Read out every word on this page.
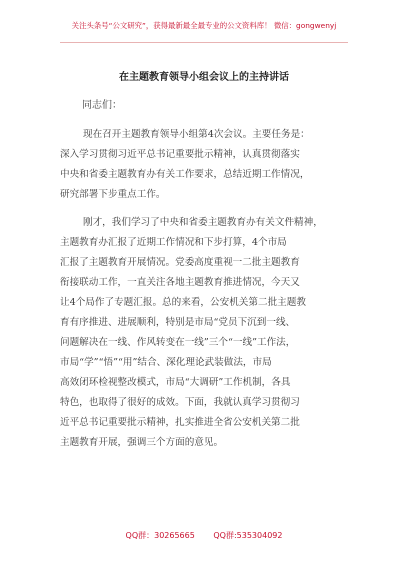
关注头条号“公文研究”，获得最新最全最专业的公文资料库！ 微信：gongwenyj
在主题教育领导小组会议上的主持讲话
同志们：
现在召开主题教育领导小组第4次会议。主要任务是：
深入学习贯彻习近平总书记重要批示精神，认真贯彻落实
中央和省委主题教育办有关工作要求，总结近期工作情况，
研究部署下步重点工作。
刚才，我们学习了中央和省委主题教育办有关文件精神，
主题教育办汇报了近期工作情况和下步打算，4个市局
汇报了主题教育开展情况。党委高度重视一二批主题教育
衔接联动工作，一直关注各地主题教育推进情况，今天又
让4个局作了专题汇报。总的来看，公安机关第二批主题教
育有序推进、进展顺利，特别是市局“党员下沉到一线、
问题解决在一线、作风转变在一线”三个“一线”工作法，
市局“学”“悟”“用”结合、深化理论武装做法，市局
高效闭环检视整改模式，市局“大调研”工作机制，各具
特色，也取得了很好的成效。下面，我就认真学习贯彻习
近平总书记重要批示精神，扎实推进全省公安机关第二批
主题教育开展，强调三个方面的意见。
QQ群：30265665 QQ群:535304092
